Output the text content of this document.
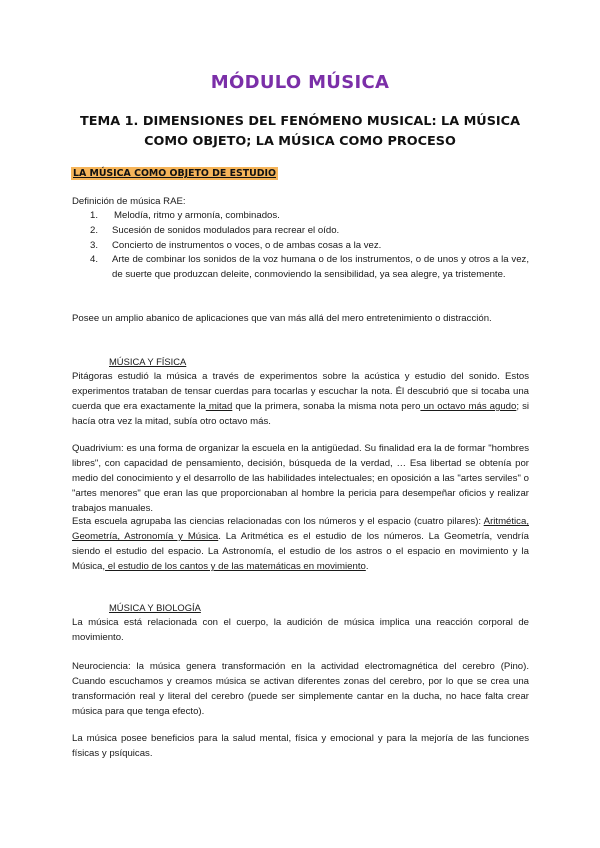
MÓDULO MÚSICA
TEMA 1. DIMENSIONES DEL FENÓMENO MUSICAL: LA MÚSICA COMO OBJETO; LA MÚSICA COMO PROCESO
LA MÚSICA COMO OBJETO DE ESTUDIO
Definición de música RAE:
1.	Melodía, ritmo y armonía, combinados.
2.	Sucesión de sonidos modulados para recrear el oído.
3.	Concierto de instrumentos o voces, o de ambas cosas a la vez.
4.	Arte de combinar los sonidos de la voz humana o de los instrumentos, o de unos y otros a la vez, de suerte que produzcan deleite, conmoviendo la sensibilidad, ya sea alegre, ya tristemente.
Posee un amplio abanico de aplicaciones que van más allá del mero entretenimiento o distracción.
MÚSICA Y FÍSICA
Pitágoras estudió la música a través de experimentos sobre la acústica y estudio del sonido. Estos experimentos trataban de tensar cuerdas para tocarlas y escuchar la nota. Él descubrió que si tocaba una cuerda que era exactamente la mitad que la primera, sonaba la misma nota pero un octavo más agudo; si hacía otra vez la mitad, subía otro octavo más.
Quadrivium: es una forma de organizar la escuela en la antigüedad. Su finalidad era la de formar "hombres libres", con capacidad de pensamiento, decisión, búsqueda de la verdad, … Esa libertad se obtenía por medio del conocimiento y el desarrollo de las habilidades intelectuales; en oposición a las "artes serviles" o "artes menores" que eran las que proporcionaban al hombre la pericia para desempeñar oficios y realizar trabajos manuales.
Esta escuela agrupaba las ciencias relacionadas con los números y el espacio (cuatro pilares): Aritmética, Geometría, Astronomía y Música. La Aritmética es el estudio de los números. La Geometría, vendría siendo el estudio del espacio. La Astronomía, el estudio de los astros o el espacio en movimiento y la Música, el estudio de los cantos y de las matemáticas en movimiento.
MÚSICA Y BIOLOGÍA
La música está relacionada con el cuerpo, la audición de música implica una reacción corporal de movimiento.
Neurociencia: la música genera transformación en la actividad electromagnética del cerebro (Pino). Cuando escuchamos y creamos música se activan diferentes zonas del cerebro, por lo que se crea una transformación real y literal del cerebro (puede ser simplemente cantar en la ducha, no hace falta crear música para que tenga efecto).
La música posee beneficios para la salud mental, física y emocional y para la mejoría de las funciones físicas y psíquicas.
